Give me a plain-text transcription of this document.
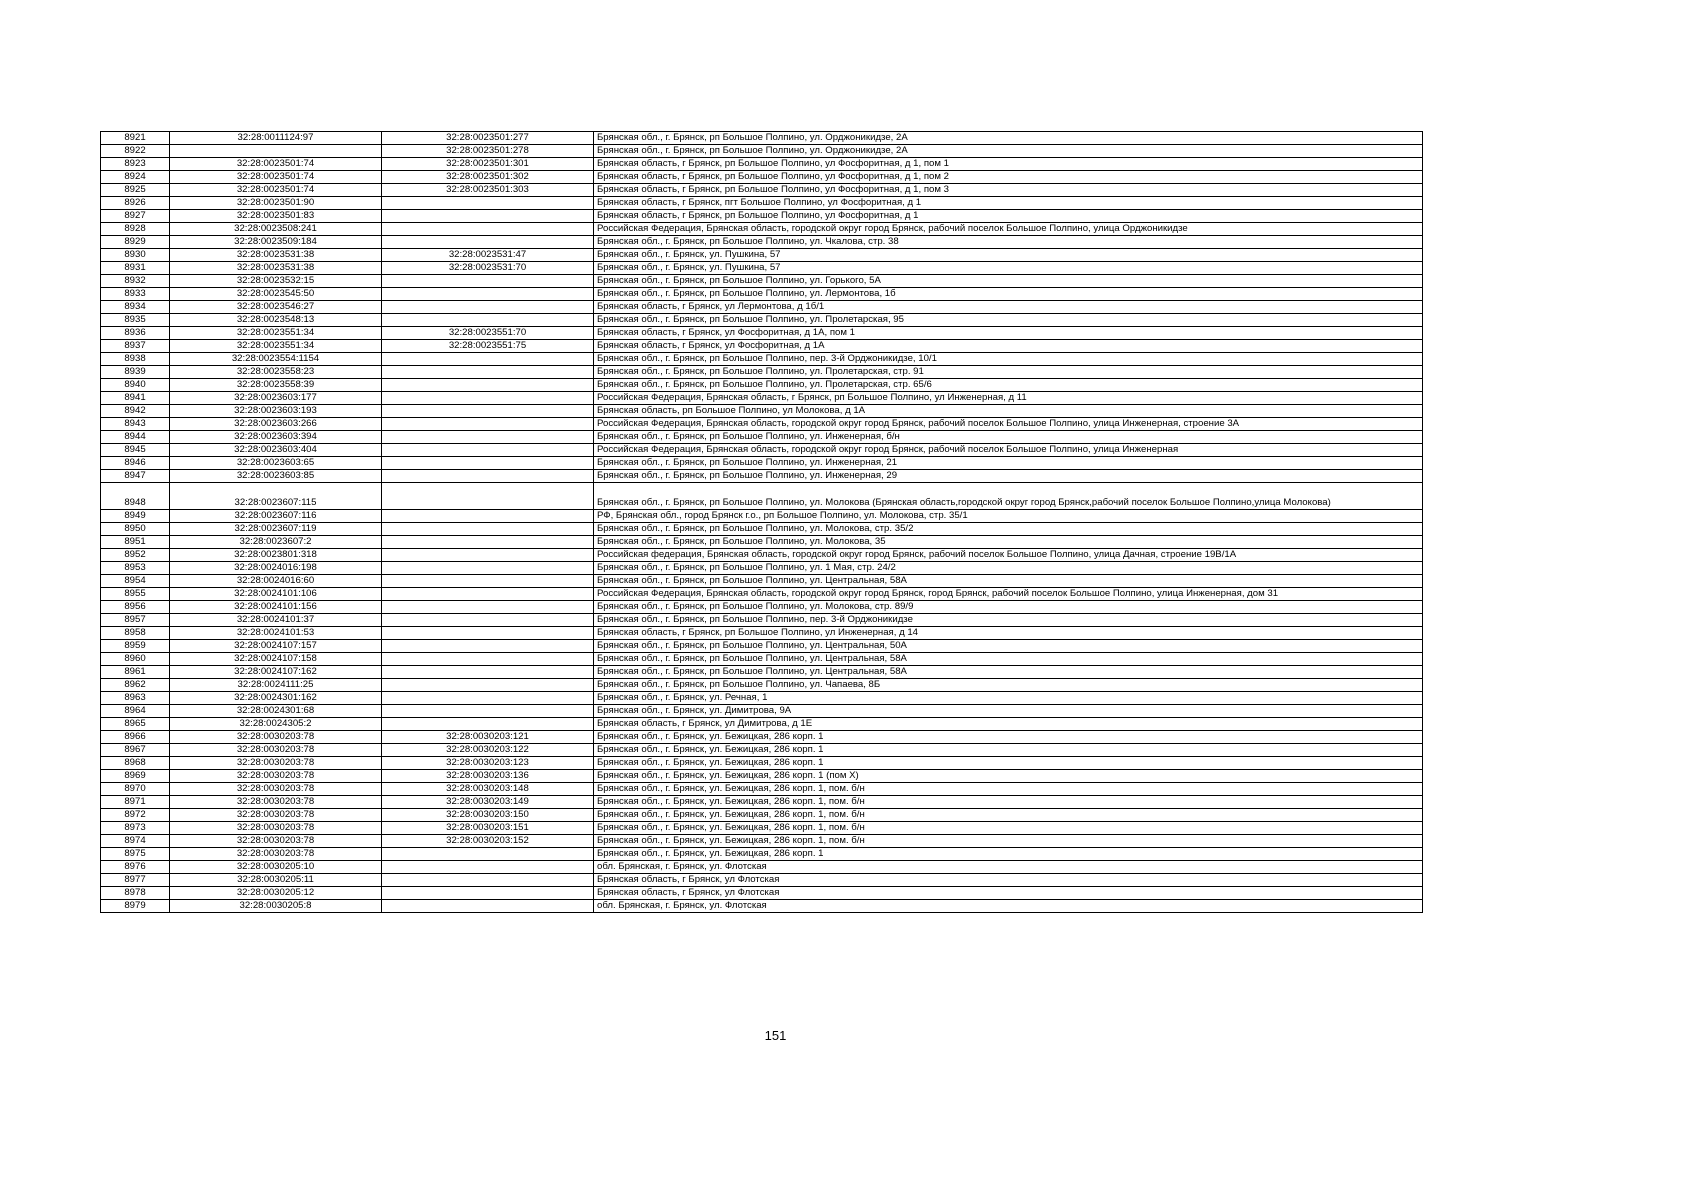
8921	32:28:0011124:97	32:28:0023501:277	Брянская обл., г. Брянск, рп Большое Полпино, ул. Орджоникидзе, 2А
8922		32:28:0023501:278	Брянская обл., г. Брянск, рп Большое Полпино, ул. Орджоникидзе, 2А
8923	32:28:0023501:74	32:28:0023501:301	Брянская область, г Брянск, рп Большое Полпино, ул Фосфоритная, д 1, пом 1
8924	32:28:0023501:74	32:28:0023501:302	Брянская область, г Брянск, рп Большое Полпино, ул Фосфоритная, д 1, пом 2
8925	32:28:0023501:74	32:28:0023501:303	Брянская область, г Брянск, рп Большое Полпино, ул Фосфоритная, д 1, пом 3
8926	32:28:0023501:90		Брянская область, г Брянск, пгт Большое Полпино, ул Фосфоритная, д 1
8927	32:28:0023501:83		Брянская область, г Брянск, рп Большое Полпино, ул Фосфоритная, д 1
8928	32:28:0023508:241		Российская Федерация, Брянская область, городской округ город Брянск, рабочий поселок Большое Полпино, улица Орджоникидзе
8929	32:28:0023509:184		Брянская обл., г. Брянск, рп Большое Полпино, ул. Чкалова, стр. 38
8930	32:28:0023531:38	32:28:0023531:47	Брянская обл., г. Брянск, ул. Пушкина, 57
8931	32:28:0023531:38	32:28:0023531:70	Брянская обл., г. Брянск, ул. Пушкина, 57
8932	32:28:0023532:15		Брянская обл., г. Брянск, рп Большое Полпино, ул. Горького, 5А
8933	32:28:0023545:50		Брянская обл., г. Брянск, рп Большое Полпино, ул. Лермонтова, 1б
8934	32:28:0023546:27		Брянская область, г Брянск, ул Лермонтова, д 1б/1
8935	32:28:0023548:13		Брянская обл., г. Брянск, рп Большое Полпино, ул. Пролетарская, 95
8936	32:28:0023551:34	32:28:0023551:70	Брянская область, г Брянск, ул Фосфоритная, д 1А, пом 1
8937	32:28:0023551:34	32:28:0023551:75	Брянская область, г Брянск, ул Фосфоритная, д 1А
8938	32:28:0023554:1154		Брянская обл., г. Брянск, рп Большое Полпино, пер. 3-й Орджоникидзе, 10/1
8939	32:28:0023558:23		Брянская обл., г. Брянск, рп Большое Полпино, ул. Пролетарская, стр. 91
8940	32:28:0023558:39		Брянская обл., г. Брянск, рп Большое Полпино, ул. Пролетарская, стр. 65/6
8941	32:28:0023603:177		Российская Федерация, Брянская область, г Брянск, рп Большое Полпино, ул Инженерная, д 11
8942	32:28:0023603:193		Брянская область, рп Большое Полпино, ул Молокова, д 1А
8943	32:28:0023603:266		Российская Федерация, Брянская область, городской округ город Брянск, рабочий поселок Большое Полпино, улица Инженерная, строение 3А
8944	32:28:0023603:394		Брянская обл., г. Брянск, рп Большое Полпино, ул. Инженерная, б/н
8945	32:28:0023603:404		Российская Федерация, Брянская область, городской округ город Брянск, рабочий поселок Большое Полпино, улица Инженерная
8946	32:28:0023603:65		Брянская обл., г. Брянск, рп Большое Полпино, ул. Инженерная, 21
8947	32:28:0023603:85		Брянская обл., г. Брянск, рп Большое Полпино, ул. Инженерная, 29
8948	32:28:0023607:115		Брянская обл., г. Брянск, рп Большое Полпино, ул. Молокова (Брянская область,городской округ город Брянск,рабочий поселок Большое Полпино,улица Молокова)
8949	32:28:0023607:116		РФ, Брянская обл., город Брянск г.о., рп Большое Полпино, ул. Молокова, стр. 35/1
8950	32:28:0023607:119		Брянская обл., г. Брянск, рп Большое Полпино, ул. Молокова, стр. 35/2
8951	32:28:0023607:2		Брянская обл., г. Брянск, рп Большое Полпино, ул. Молокова, 35
8952	32:28:0023801:318		Российская федерация, Брянская область, городской округ город Брянск, рабочий поселок Большое Полпино, улица Дачная, строение 19В/1А
8953	32:28:0024016:198		Брянская обл., г. Брянск, рп Большое Полпино, ул. 1 Мая, стр. 24/2
8954	32:28:0024016:60		Брянская обл., г. Брянск, рп Большое Полпино, ул. Центральная, 58А
8955	32:28:0024101:106		Российская Федерация, Брянская область, городской округ город Брянск, город Брянск, рабочий поселок Большое Полпино, улица Инженерная, дом 31
8956	32:28:0024101:156		Брянская обл., г. Брянск, рп Большое Полпино, ул. Молокова, стр. 89/9
8957	32:28:0024101:37		Брянская обл., г. Брянск, рп Большое Полпино, пер. 3-й Орджоникидзе
8958	32:28:0024101:53		Брянская область, г Брянск, рп Большое Полпино, ул Инженерная, д 14
8959	32:28:0024107:157		Брянская обл., г. Брянск, рп Большое Полпино, ул. Центральная, 50А
8960	32:28:0024107:158		Брянская обл., г. Брянск, рп Большое Полпино, ул. Центральная, 58А
8961	32:28:0024107:162		Брянская обл., г. Брянск, рп Большое Полпино, ул. Центральная, 58А
8962	32:28:0024111:25		Брянская обл., г. Брянск, рп Большое Полпино, ул. Чапаева, 8Б
8963	32:28:0024301:162		Брянская обл., г. Брянск, ул. Речная, 1
8964	32:28:0024301:68		Брянская обл., г. Брянск, ул. Димитрова, 9А
8965	32:28:0024305:2		Брянская область, г Брянск, ул Димитрова, д 1Е
8966	32:28:0030203:78	32:28:0030203:121	Брянская обл., г. Брянск, ул. Бежицкая, 286 корп. 1
8967	32:28:0030203:78	32:28:0030203:122	Брянская обл., г. Брянск, ул. Бежицкая, 286 корп. 1
8968	32:28:0030203:78	32:28:0030203:123	Брянская обл., г. Брянск, ул. Бежицкая, 286 корп. 1
8969	32:28:0030203:78	32:28:0030203:136	Брянская обл., г. Брянск, ул. Бежицкая, 286 корп. 1 (пом X)
8970	32:28:0030203:78	32:28:0030203:148	Брянская обл., г. Брянск, ул. Бежицкая, 286 корп. 1, пом. б/н
8971	32:28:0030203:78	32:28:0030203:149	Брянская обл., г. Брянск, ул. Бежицкая, 286 корп. 1, пом. б/н
8972	32:28:0030203:78	32:28:0030203:150	Брянская обл., г. Брянск, ул. Бежицкая, 286 корп. 1, пом. б/н
8973	32:28:0030203:78	32:28:0030203:151	Брянская обл., г. Брянск, ул. Бежицкая, 286 корп. 1, пом. б/н
8974	32:28:0030203:78	32:28:0030203:152	Брянская обл., г. Брянск, ул. Бежицкая, 286 корп. 1, пом. б/н
8975	32:28:0030203:78		Брянская обл., г. Брянск, ул. Бежицкая, 286 корп. 1
8976	32:28:0030205:10		обл. Брянская, г. Брянск, ул. Флотская
8977	32:28:0030205:11		Брянская область, г Брянск, ул Флотская
8978	32:28:0030205:12		Брянская область, г Брянск, ул Флотская
8979	32:28:0030205:8		обл. Брянская, г. Брянск, ул. Флотская
151
